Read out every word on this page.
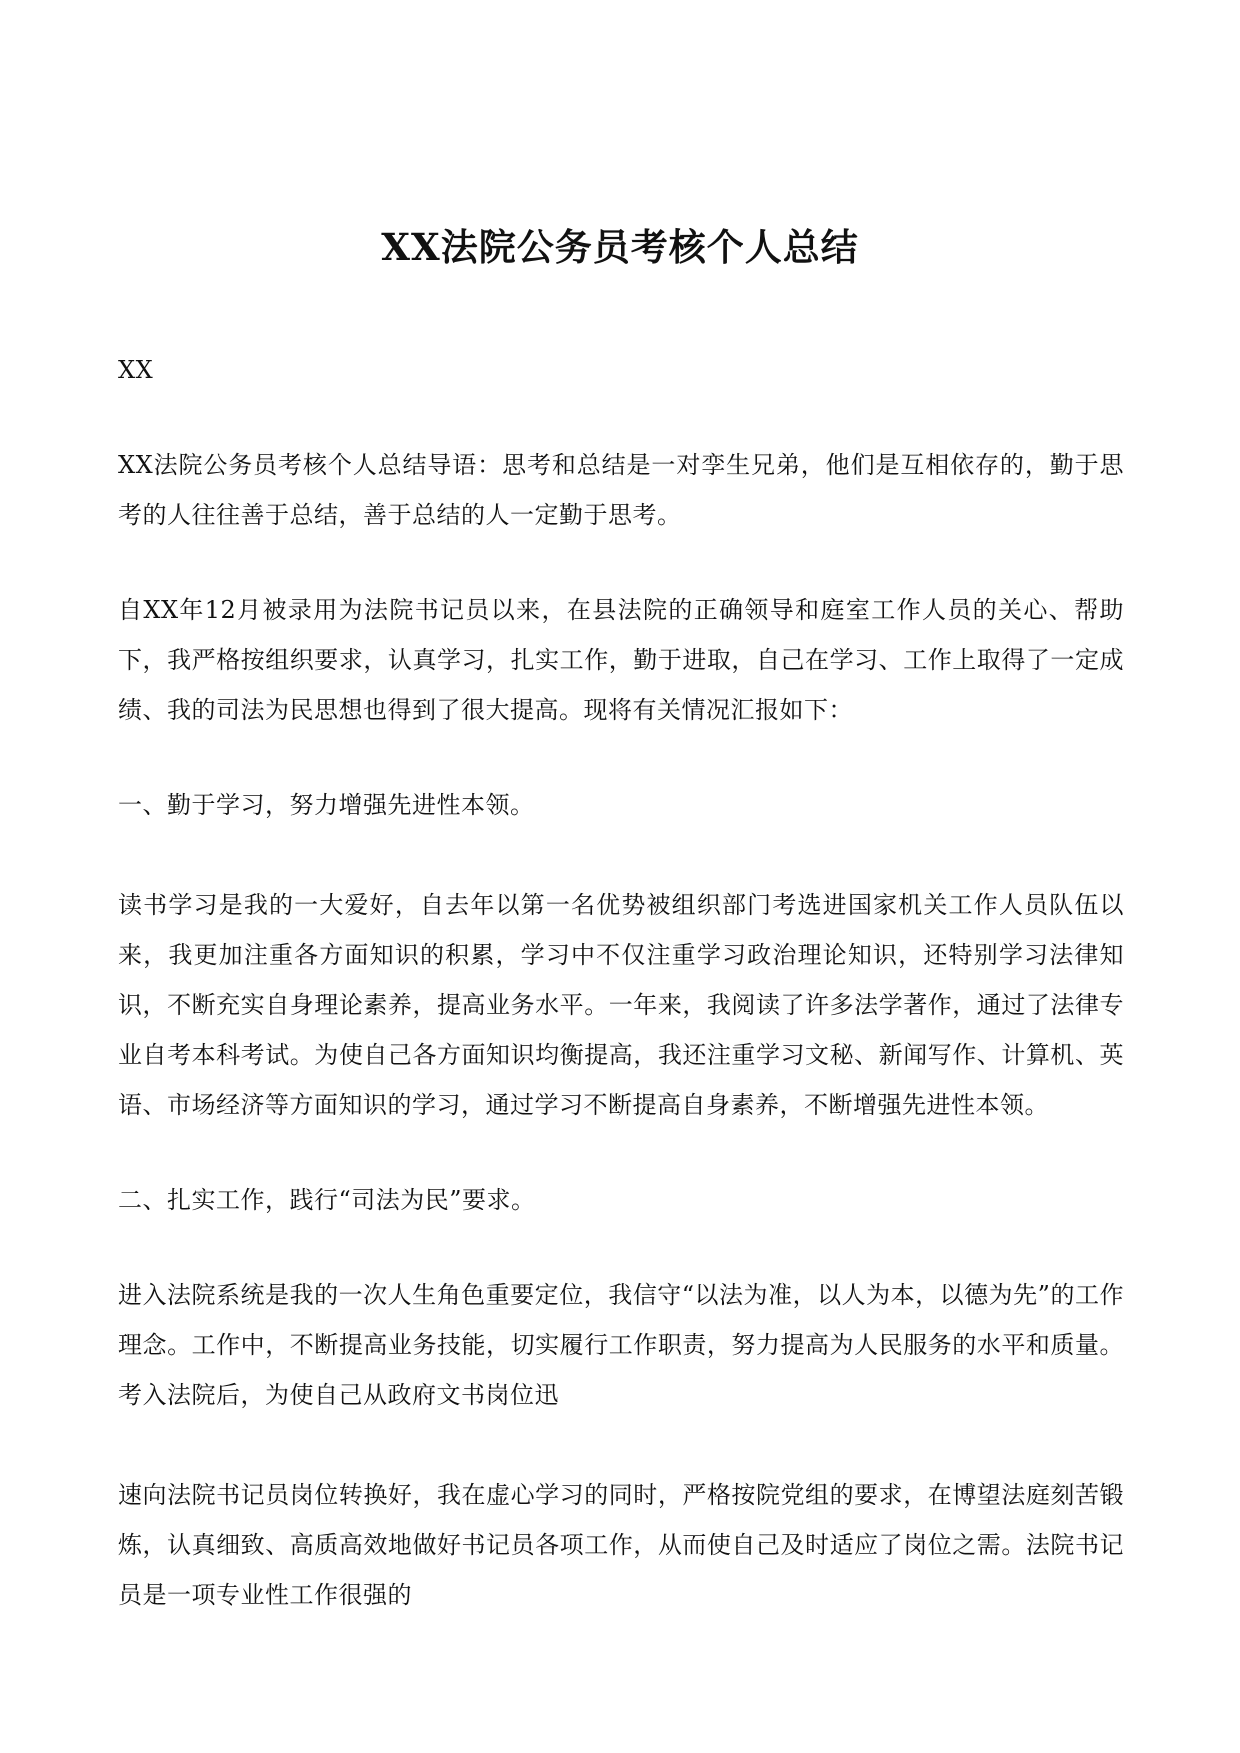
XX法院公务员考核个人总结

XX

XX法院公务员考核个人总结导语：思考和总结是一对孪生兄弟，他们是互相依存的，勤于思考的人往往善于总结，善于总结的人一定勤于思考。

自XX年12月被录用为法院书记员以来，在县法院的正确领导和庭室工作人员的关心、帮助下，我严格按组织要求，认真学习，扎实工作，勤于进取，自己在学习、工作上取得了一定成绩、我的司法为民思想也得到了很大提高。现将有关情况汇报如下：

一、勤于学习，努力增强先进性本领。

读书学习是我的一大爱好，自去年以第一名优势被组织部门考选进国家机关工作人员队伍以来，我更加注重各方面知识的积累，学习中不仅注重学习政治理论知识，还特别学习法律知识，不断充实自身理论素养，提高业务水平。一年来，我阅读了许多法学著作，通过了法律专业自考本科考试。为使自己各方面知识均衡提高，我还注重学习文秘、新闻写作、计算机、英语、市场经济等方面知识的学习，通过学习不断提高自身素养，不断增强先进性本领。

二、扎实工作，践行“司法为民”要求。

进入法院系统是我的一次人生角色重要定位，我信守“以法为准，以人为本，以德为先”的工作理念。工作中，不断提高业务技能，切实履行工作职责，努力提高为人民服务的水平和质量。考入法院后，为使自己从政府文书岗位迅

速向法院书记员岗位转换好，我在虚心学习的同时，严格按院党组的要求，在博望法庭刻苦锻炼，认真细致、高质高效地做好书记员各项工作，从而使自己及时适应了岗位之需。法院书记员是一项专业性工作很强的
